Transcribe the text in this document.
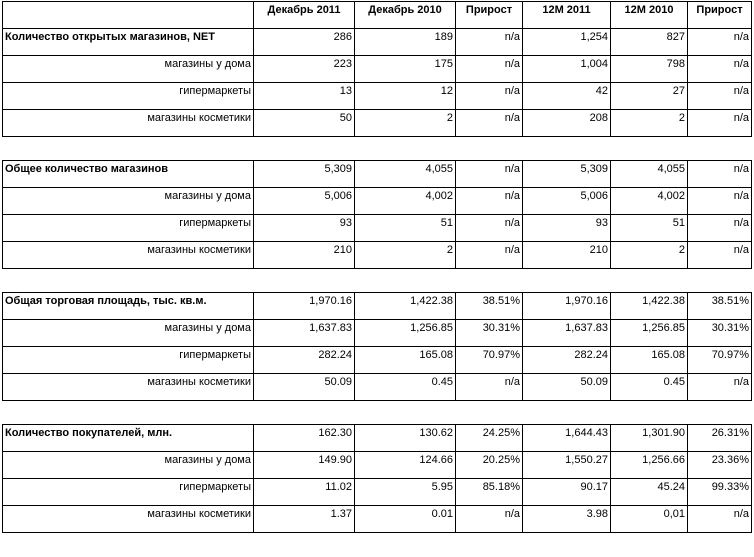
	Декабрь 2011	Декабрь 2010	Прирост	12М 2011	12М 2010	Прирост
Количество открытых магазинов, NET	286	189	n/a	1,254	827	n/a
магазины у дома	223	175	n/a	1,004	798	n/a
гипермаркеты	13	12	n/a	42	27	n/a
магазины косметики	50	2	n/a	208	2	n/a

Общее количество магазинов	5,309	4,055	n/a	5,309	4,055	n/a
магазины у дома	5,006	4,002	n/a	5,006	4,002	n/a
гипермаркеты	93	51	n/a	93	51	n/a
магазины косметики	210	2	n/a	210	2	n/a

Общая торговая площадь, тыс. кв.м.	1,970.16	1,422.38	38.51%	1,970.16	1,422.38	38.51%
магазины у дома	1,637.83	1,256.85	30.31%	1,637.83	1,256.85	30.31%
гипермаркеты	282.24	165.08	70.97%	282.24	165.08	70.97%
магазины косметики	50.09	0.45	n/a	50.09	0.45	n/a

Количество покупателей, млн.	162.30	130.62	24.25%	1,644.43	1,301.90	26.31%
магазины у дома	149.90	124.66	20.25%	1,550.27	1,256.66	23.36%
гипермаркеты	11.02	5.95	85.18%	90.17	45.24	99.33%
магазины косметики	1.37	0.01	n/a	3.98	0,01	n/a
